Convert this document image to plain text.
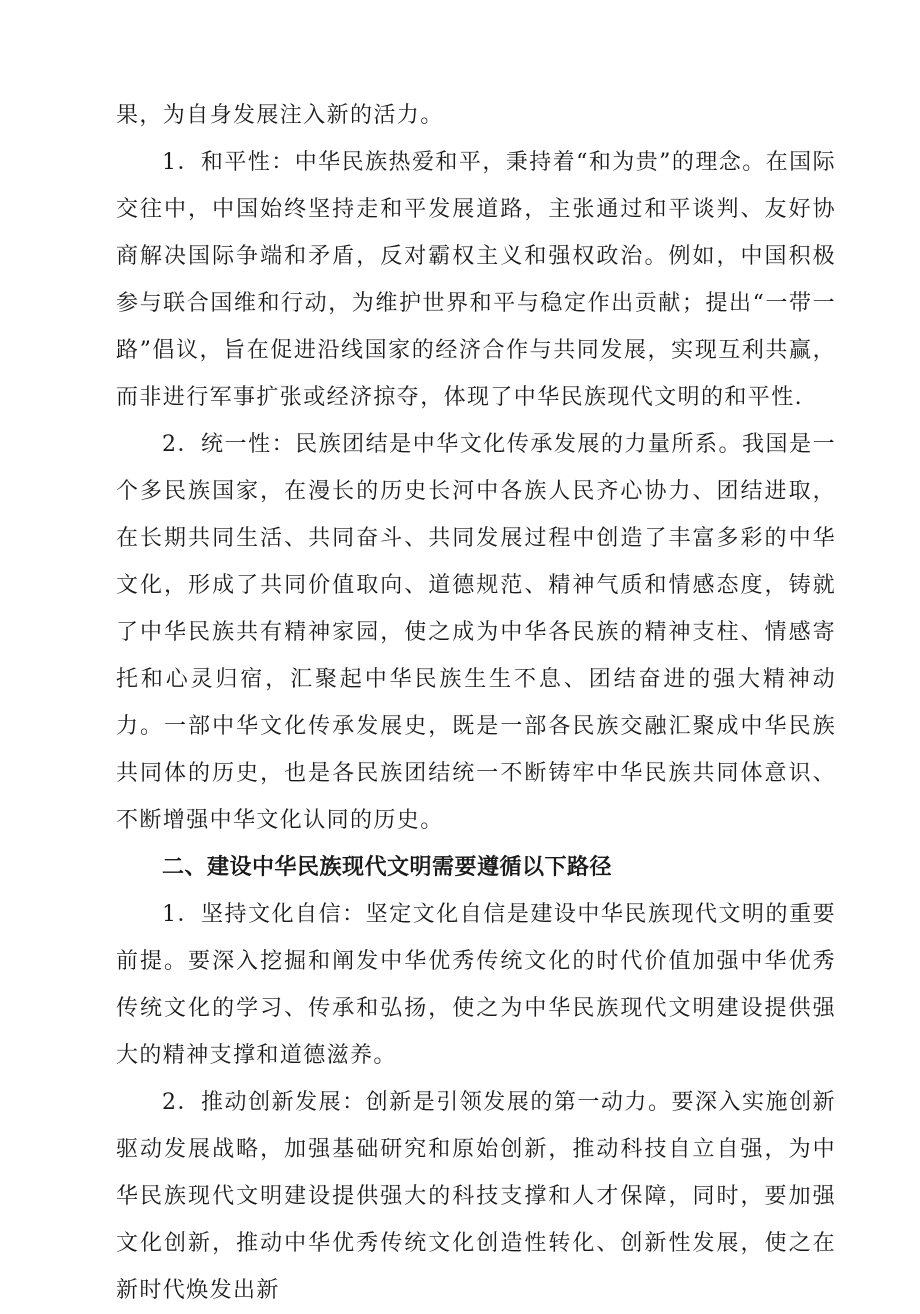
果，为自身发展注入新的活力。

1．和平性：中华民族热爱和平，秉持着“和为贵”的理念。在国际交往中，中国始终坚持走和平发展道路，主张通过和平谈判、友好协商解决国际争端和矛盾，反对霸权主义和强权政治。例如，中国积极参与联合国维和行动，为维护世界和平与稳定作出贡献；提出“一带一路”倡议，旨在促进沿线国家的经济合作与共同发展，实现互利共赢，而非进行军事扩张或经济掠夺，体现了中华民族现代文明的和平性.

2．统一性：民族团结是中华文化传承发展的力量所系。我国是一个多民族国家，在漫长的历史长河中各族人民齐心协力、团结进取，在长期共同生活、共同奋斗、共同发展过程中创造了丰富多彩的中华文化，形成了共同价值取向、道德规范、精神气质和情感态度，铸就了中华民族共有精神家园，使之成为中华各民族的精神支柱、情感寄托和心灵归宿，汇聚起中华民族生生不息、团结奋进的强大精神动力。一部中华文化传承发展史，既是一部各民族交融汇聚成中华民族共同体的历史，也是各民族团结统一不断铸牢中华民族共同体意识、不断增强中华文化认同的历史。

二、建设中华民族现代文明需要遵循以下路径

1．坚持文化自信：坚定文化自信是建设中华民族现代文明的重要前提。要深入挖掘和阐发中华优秀传统文化的时代价值加强中华优秀传统文化的学习、传承和弘扬，使之为中华民族现代文明建设提供强大的精神支撑和道德滋养。

2．推动创新发展：创新是引领发展的第一动力。要深入实施创新驱动发展战略，加强基础研究和原始创新，推动科技自立自强，为中华民族现代文明建设提供强大的科技支撑和人才保障，同时，要加强文化创新，推动中华优秀传统文化创造性转化、创新性发展，使之在新时代焕发出新
